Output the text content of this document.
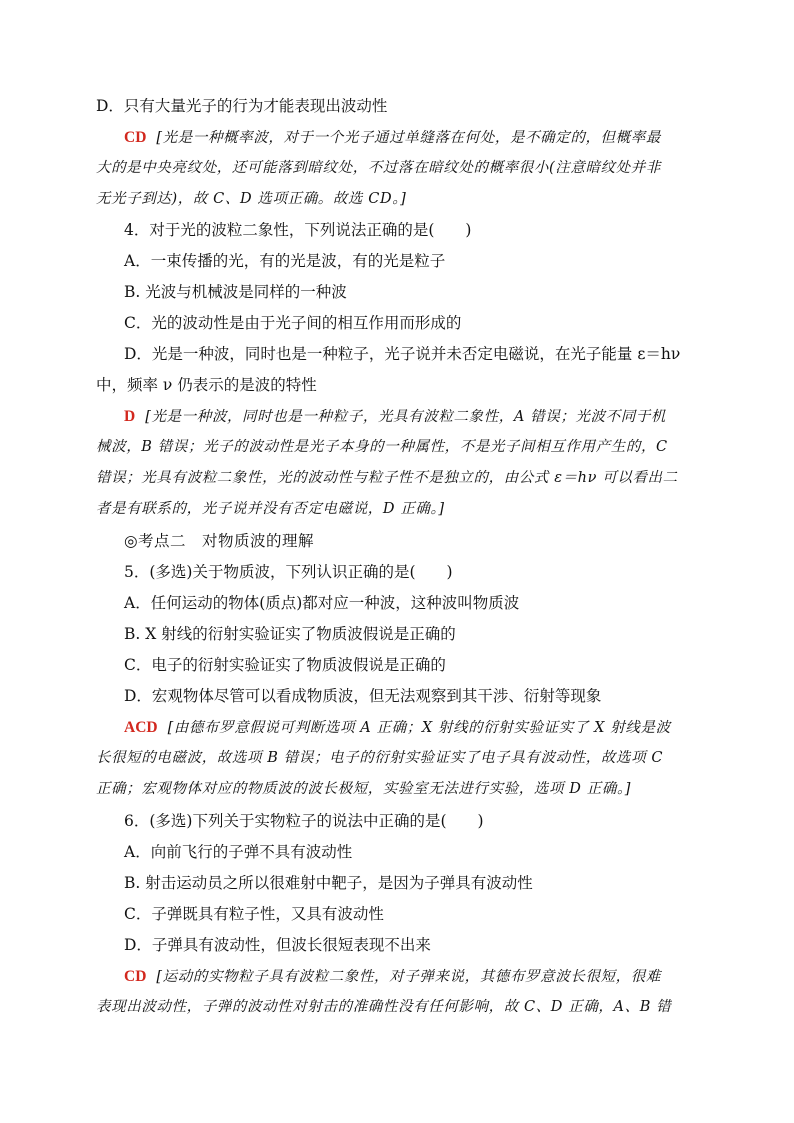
D．只有大量光子的行为才能表现出波动性
CD [光是一种概率波，对于一个光子通过单缝落在何处，是不确定的，但概率最
大的是中央亮纹处，还可能落到暗纹处，不过落在暗纹处的概率很小(注意暗纹处并非
无光子到达)，故 C、D 选项正确。故选 CD。]
4．对于光的波粒二象性，下列说法正确的是(　　)
A．一束传播的光，有的光是波，有的光是粒子
B. 光波与机械波是同样的一种波
C．光的波动性是由于光子间的相互作用而形成的
D．光是一种波，同时也是一种粒子，光子说并未否定电磁说，在光子能量 ε＝hν
中，频率 ν 仍表示的是波的特性
D [光是一种波，同时也是一种粒子，光具有波粒二象性，A 错误；光波不同于机
械波，B 错误；光子的波动性是光子本身的一种属性，不是光子间相互作用产生的，C
错误；光具有波粒二象性，光的波动性与粒子性不是独立的，由公式 ε＝hν 可以看出二
者是有联系的，光子说并没有否定电磁说，D 正确。]
◎考点二　对物质波的理解
5．(多选)关于物质波，下列认识正确的是(　　)
A．任何运动的物体(质点)都对应一种波，这种波叫物质波
B. X 射线的衍射实验证实了物质波假说是正确的
C．电子的衍射实验证实了物质波假说是正确的
D．宏观物体尽管可以看成物质波，但无法观察到其干涉、衍射等现象
ACD [由德布罗意假说可判断选项 A 正确；X 射线的衍射实验证实了 X 射线是波
长很短的电磁波，故选项 B 错误；电子的衍射实验证实了电子具有波动性，故选项 C
正确；宏观物体对应的物质波的波长极短，实验室无法进行实验，选项 D 正确。]
6．(多选)下列关于实物粒子的说法中正确的是(　　)
A．向前飞行的子弹不具有波动性
B. 射击运动员之所以很难射中靶子，是因为子弹具有波动性
C．子弹既具有粒子性，又具有波动性
D．子弹具有波动性，但波长很短表现不出来
CD [运动的实物粒子具有波粒二象性，对子弹来说，其德布罗意波长很短，很难
表现出波动性，子弹的波动性对射击的准确性没有任何影响，故 C、D 正确，A、B 错
